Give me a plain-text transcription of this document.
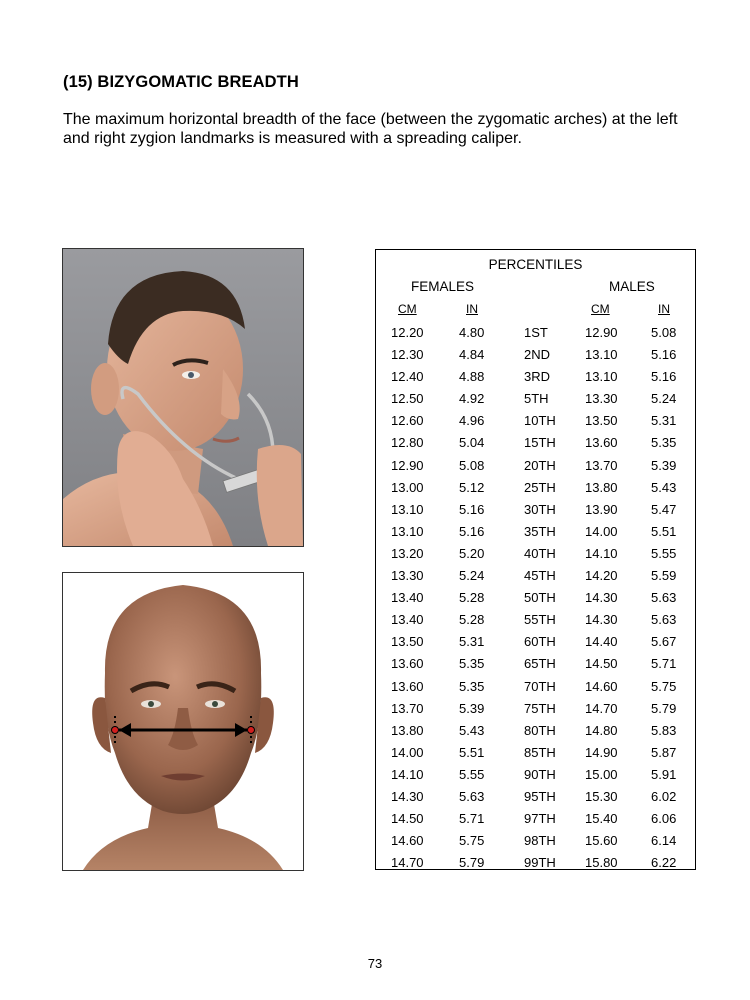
(15) BIZYGOMATIC BREADTH
The maximum horizontal breadth of the face (between the zygomatic arches) at the left and right zygion landmarks is measured with a spreading caliper.
PERCENTILES
FEMALES	MALES
CM	IN	CM	IN
12.20	4.80	1ST	12.90	5.08
12.30	4.84	2ND	13.10	5.16
12.40	4.88	3RD	13.10	5.16
12.50	4.92	5TH	13.30	5.24
12.60	4.96	10TH 13.50	5.31
12.80	5.04	15TH 13.60	5.35
12.90	5.08	20TH 13.70	5.39
13.00	5.12	25TH 13.80	5.43
13.10	5.16	30TH 13.90	5.47
13.10	5.16	35TH 14.00	5.51
13.20	5.20	40TH 14.10	5.55
13.30	5.24	45TH 14.20	5.59
13.40	5.28	50TH 14.30	5.63
13.40	5.28	55TH 14.30	5.63
13.50	5.31	60TH 14.40	5.67
13.60	5.35	65TH 14.50	5.71
13.60	5.35	70TH 14.60	5.75
13.70	5.39	75TH 14.70	5.79
13.80	5.43	80TH 14.80	5.83
14.00	5.51	85TH 14.90	5.87
14.10	5.55	90TH 15.00	5.91
14.30	5.63	95TH 15.30	6.02
14.50	5.71	97TH 15.40	6.06
14.60	5.75	98TH 15.60	6.14
14.70	5.79	99TH 15.80	6.22
73
